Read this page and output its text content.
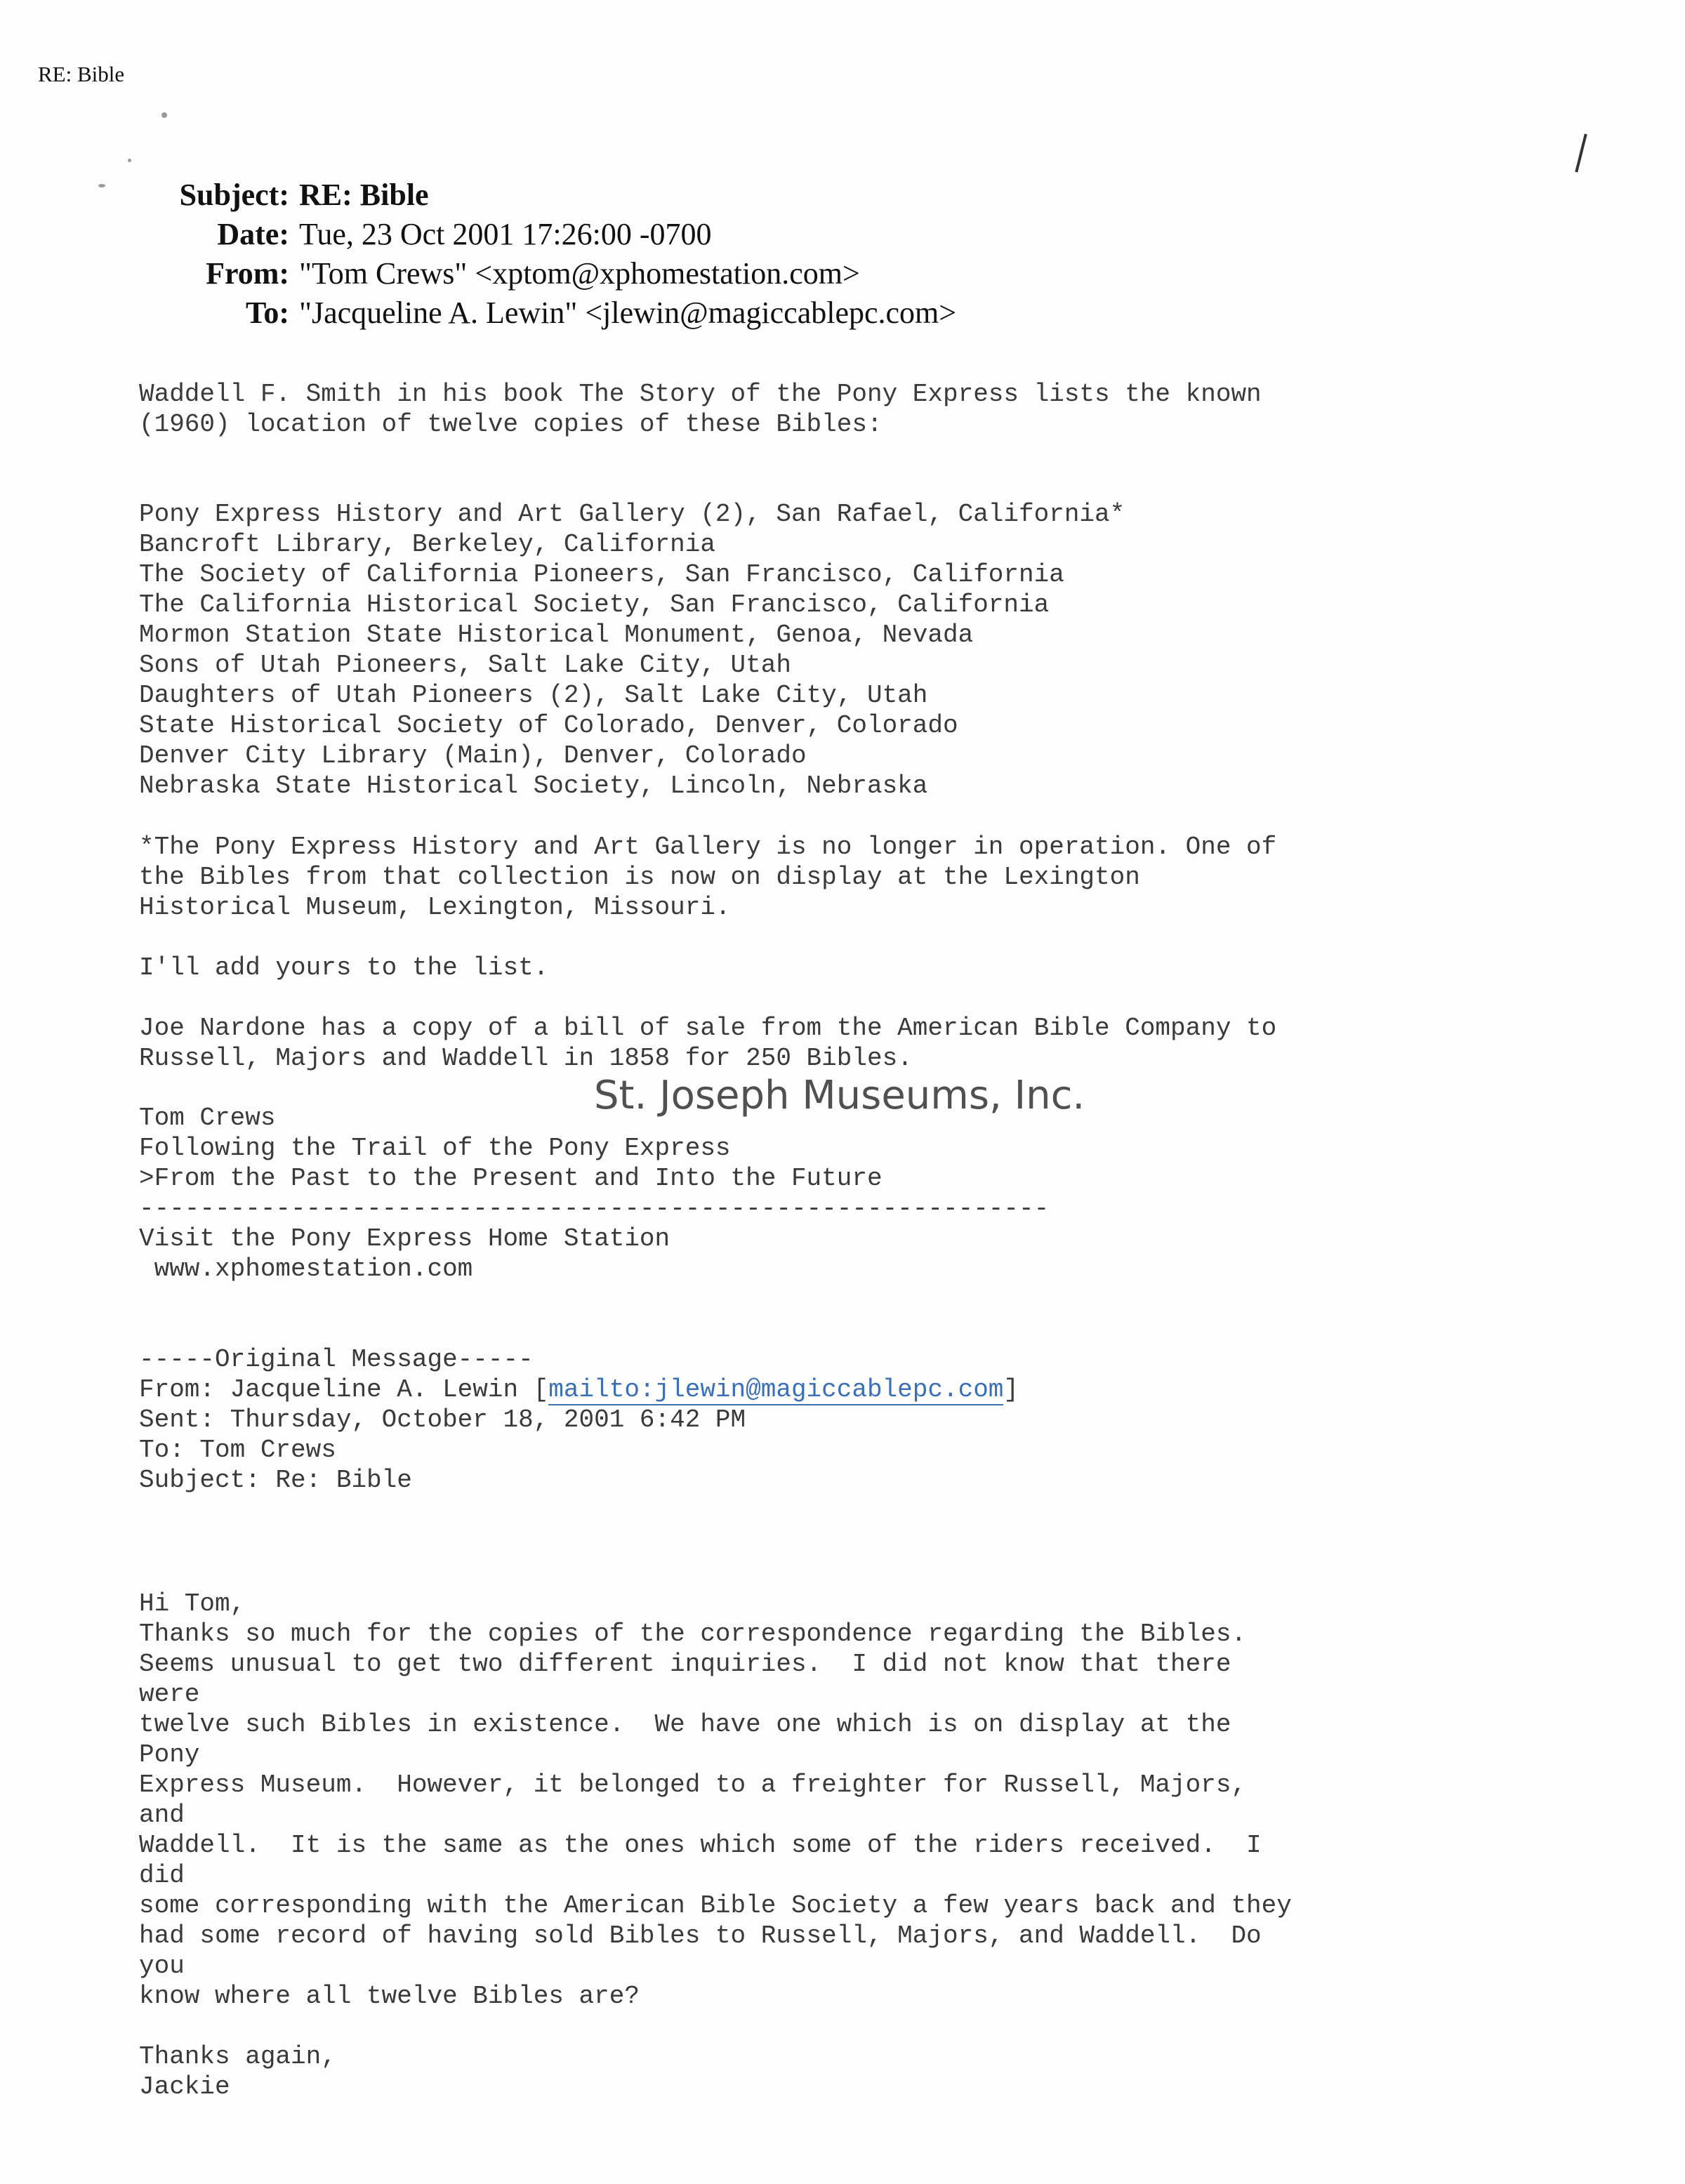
RE: Bible
Subject : RE: Bible
Date : Tue, 23 Oct 2001 17:26:00 -0700
From : "Tom Crews" <xptom@xphomestation.com>
To : "Jacqueline A. Lewin" <jlewin@magiccablepc.com>

Waddell F. Smith in his book The Story of the Pony Express lists the known

(1960) location of twelve copies of these Bibles:

Pony Express History and Art Gallery (2), San Rafael, California*

Bancroft Library, Berkeley, California

The Society of California Pioneers, San Francisco, California

The California Historical Society, San Francisco, California

Mormon Station State Historical Monument, Genoa, Nevada

Sons of Utah Pioneers, Salt Lake City, Utah

Daughters of Utah Pioneers (2), Salt Lake City, Utah

State Historical Society of Colorado, Denver, Colorado

Denver City Library (Main), Denver, Colorado

Nebraska State Historical Society, Lincoln, Nebraska

*The Pony Express History and Art Gallery is no longer in operation. One of

the Bibles from that collection is now on display at the Lexington

Historical Museum, Lexington, Missouri.

I'll add yours to the list.

Joe Nardone has a copy of a bill of sale from the American Bible Company to

Russell, Majors and Waddell in 1858 for 250 Bibles.

St. Joseph Museums, Inc.

Tom Crews

Following the Trail of the Pony Express

>From the Past to the Present and Into the Future

------------------------------------------------------------

Visit the Pony Express Home Station

www.xphomestation.com

-----Original Message-----

From: Jacqueline A. Lewin [mailto:jlewin@magiccablepc.com]

Sent: Thursday, October 18, 2001 6:42 PM

To: Tom Crews

Subject: Re: Bible

Hi Tom,

Thanks so much for the copies of the correspondence regarding the Bibles.

Seems unusual to get two different inquiries.  I did not know that there

were

twelve such Bibles in existence.  We have one which is on display at the

Pony

Express Museum.  However, it belonged to a freighter for Russell, Majors,

and

Waddell.  It is the same as the ones which some of the riders received.  I

did

some corresponding with the American Bible Society a few years back and they

had some record of having sold Bibles to Russell, Majors, and Waddell.  Do

you

know where all twelve Bibles are?

Thanks again,

Jackie
